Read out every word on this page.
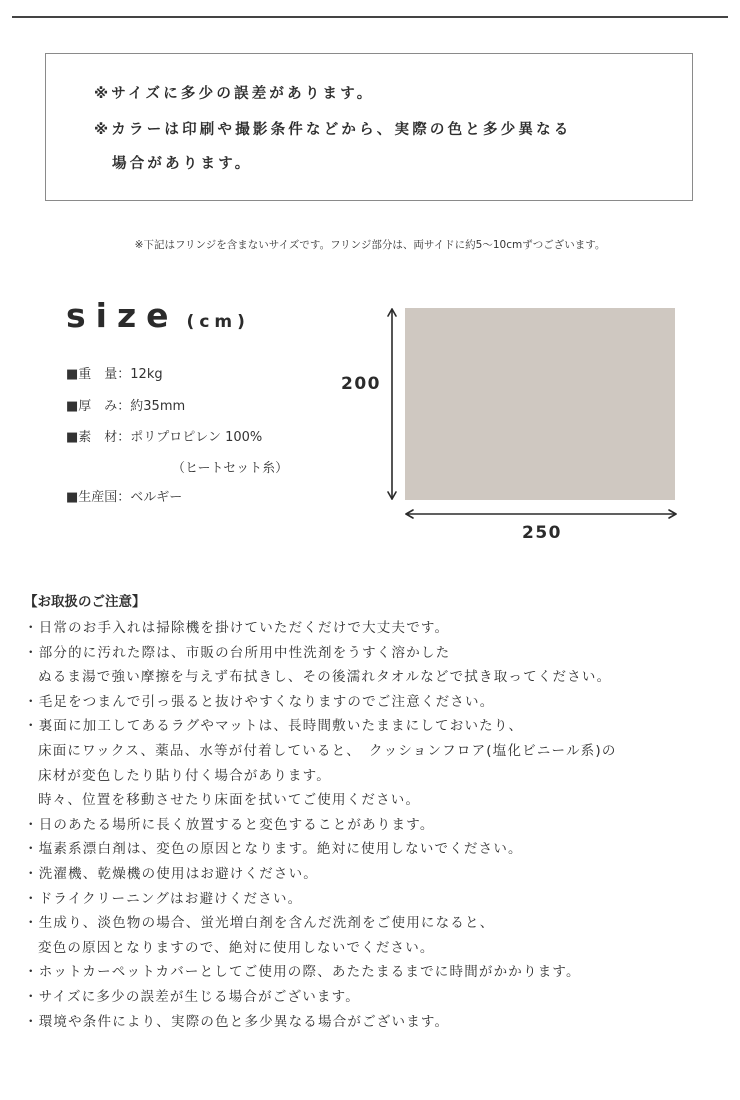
※サイズに多少の誤差があります。
※カラーは印刷や撮影条件などから、実際の色と多少異なる
場合があります。
※下記はフリンジを含まないサイズです。フリンジ部分は、両サイドに約5～10cmずつございます。
size (cm)
■重　量：12kg
■厚　み：約35mm
■素　材：ポリプロピレン 100%
（ヒートセット糸）
■生産国：ベルギー
200
250
【お取扱のご注意】
・日常のお手入れは掃除機を掛けていただくだけで大丈夫です。
・部分的に汚れた際は、市販の台所用中性洗剤をうすく溶かした
ぬるま湯で強い摩擦を与えず布拭きし、その後濡れタオルなどで拭き取ってください。
・毛足をつまんで引っ張ると抜けやすくなりますのでご注意ください。
・裏面に加工してあるラグやマットは、長時間敷いたままにしておいたり、
床面にワックス、薬品、水等が付着していると、　クッションフロア(塩化ビニール系)の
床材が変色したり貼り付く場合があります。
時々、位置を移動させたり床面を拭いてご使用ください。
・日のあたる場所に長く放置すると変色することがあります。
・塩素系漂白剤は、変色の原因となります。絶対に使用しないでください。
・洗濯機、乾燥機の使用はお避けください。
・ドライクリーニングはお避けください。
・生成り、淡色物の場合、蛍光増白剤を含んだ洗剤をご使用になると、
変色の原因となりますので、絶対に使用しないでください。
・ホットカーペットカバーとしてご使用の際、あたたまるまでに時間がかかります。
・サイズに多少の誤差が生じる場合がございます。
・環境や条件により、実際の色と多少異なる場合がございます。
